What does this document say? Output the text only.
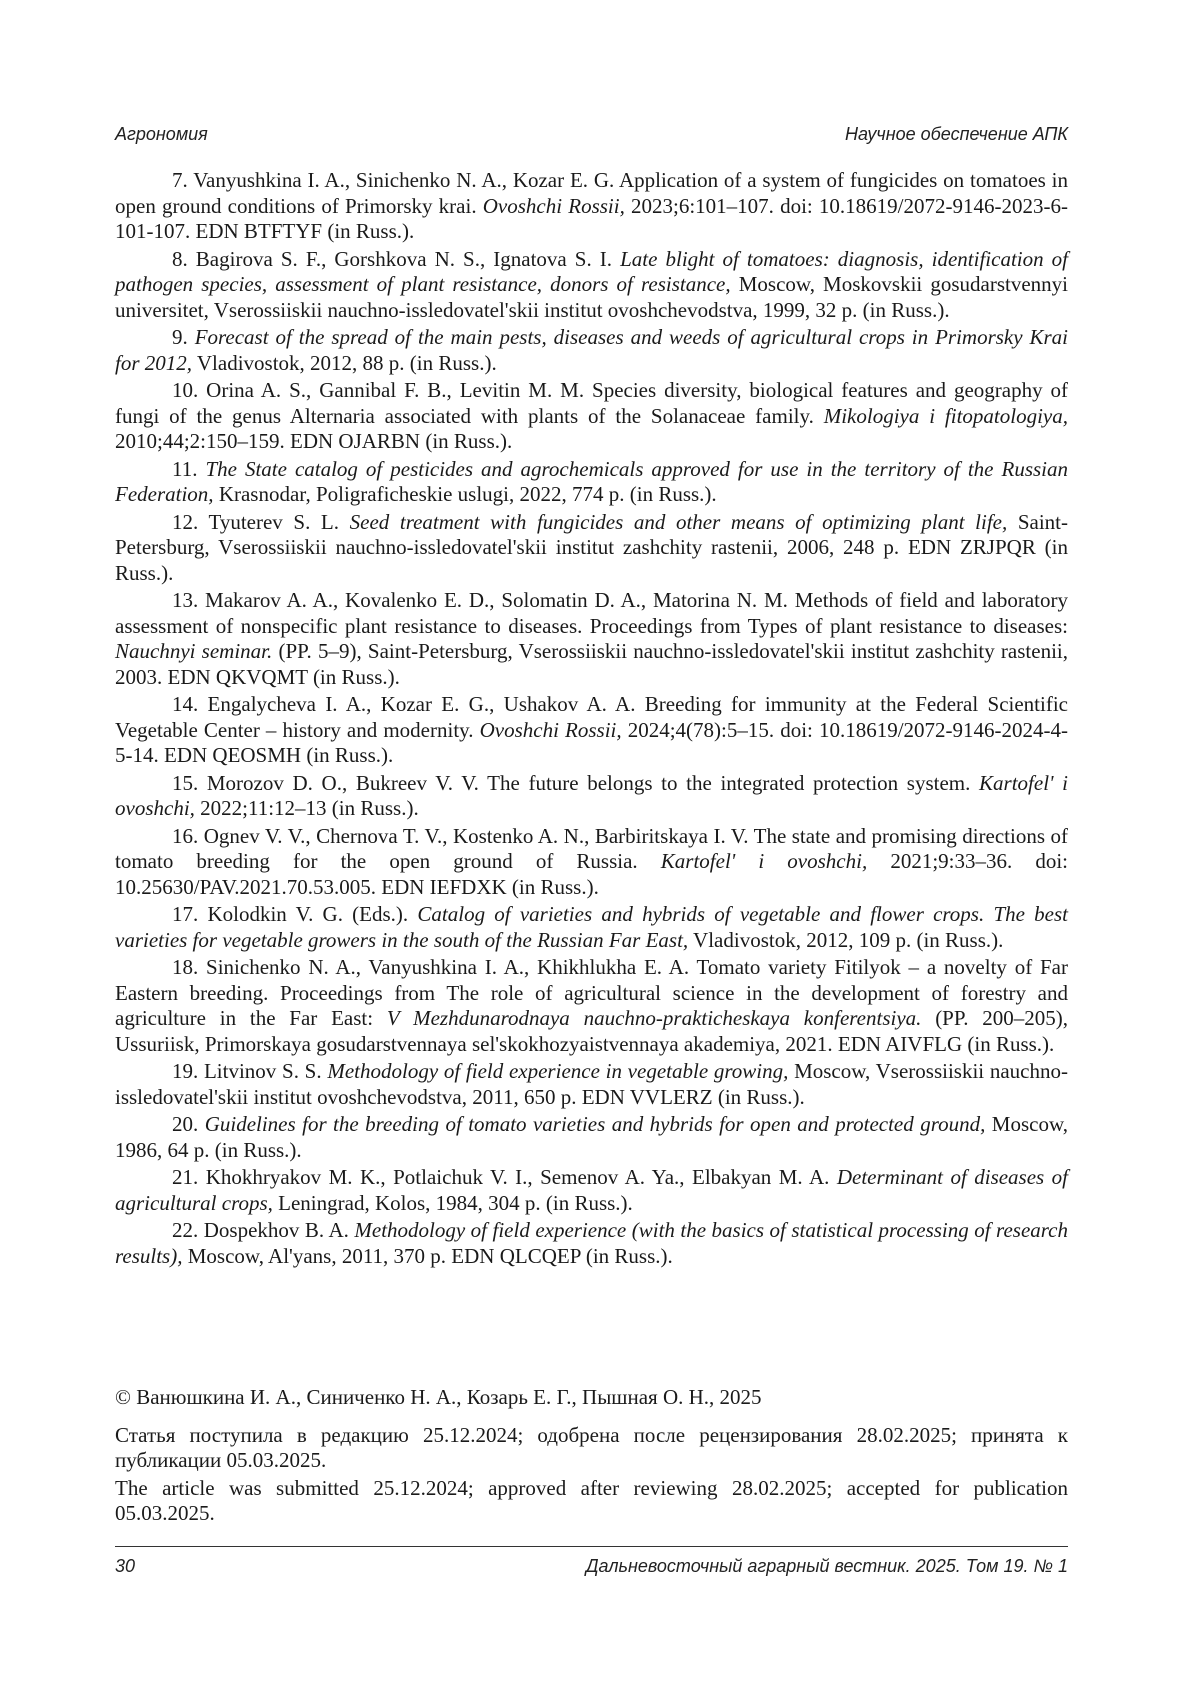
Агрономия	Научное обеспечение АПК

7. Vanyushkina I. A., Sinichenko N. A., Kozar E. G. Application of a system of fungicides on tomatoes in open ground conditions of Primorsky krai. Ovoshchi Rossii, 2023;6:101–107. doi: 10.18619/2072-9146-2023-6-101-107. EDN BTFTYF (in Russ.).

8. Bagirova S. F., Gorshkova N. S., Ignatova S. I. Late blight of tomatoes: diagnosis, identification of pathogen species, assessment of plant resistance, donors of resistance, Moscow, Moskovskii gosudarstvennyi universitet, Vserossiiskii nauchno-issledovatel'skii institut ovoshchevodstva, 1999, 32 p. (in Russ.).

9. Forecast of the spread of the main pests, diseases and weeds of agricultural crops in Primorsky Krai for 2012, Vladivostok, 2012, 88 p. (in Russ.).

10. Orina A. S., Gannibal F. B., Levitin M. M. Species diversity, biological features and geography of fungi of the genus Alternaria associated with plants of the Solanaceae family. Mikologiya i fitopatologiya, 2010;44;2:150–159. EDN OJARBN (in Russ.).

11. The State catalog of pesticides and agrochemicals approved for use in the territory of the Russian Federation, Krasnodar, Poligraficheskie uslugi, 2022, 774 p. (in Russ.).

12. Tyuterev S. L. Seed treatment with fungicides and other means of optimizing plant life, Saint-Petersburg, Vserossiiskii nauchno-issledovatel'skii institut zashchity rastenii, 2006, 248 p. EDN ZRJPQR (in Russ.).

13. Makarov A. A., Kovalenko E. D., Solomatin D. A., Matorina N. M. Methods of field and laboratory assessment of nonspecific plant resistance to diseases. Proceedings from Types of plant resistance to diseases: Nauchnyi seminar. (PP. 5–9), Saint-Petersburg, Vserossiiskii nauchno-issledovatel'skii institut zashchity rastenii, 2003. EDN QKVQMT (in Russ.).

14. Engalycheva I. A., Kozar E. G., Ushakov A. A. Breeding for immunity at the Federal Scientific Vegetable Center – history and modernity. Ovoshchi Rossii, 2024;4(78):5–15. doi: 10.18619/2072-9146-2024-4-5-14. EDN QEOSMH (in Russ.).

15. Morozov D. O., Bukreev V. V. The future belongs to the integrated protection system. Kartofel' i ovoshchi, 2022;11:12–13 (in Russ.).

16. Ognev V. V., Chernova T. V., Kostenko A. N., Barbiritskaya I. V. The state and promising directions of tomato breeding for the open ground of Russia. Kartofel' i ovoshchi, 2021;9:33–36. doi: 10.25630/PAV.2021.70.53.005. EDN IEFDXK (in Russ.).

17. Kolodkin V. G. (Eds.). Catalog of varieties and hybrids of vegetable and flower crops. The best varieties for vegetable growers in the south of the Russian Far East, Vladivostok, 2012, 109 p. (in Russ.).

18. Sinichenko N. A., Vanyushkina I. A., Khikhlukha E. A. Tomato variety Fitilyok – a novelty of Far Eastern breeding. Proceedings from The role of agricultural science in the development of forestry and agriculture in the Far East: V Mezhdunarodnaya nauchno-prakticheskaya konferentsiya. (PP. 200–205), Ussuriisk, Primorskaya gosudarstvennaya sel'skokhozyaistvennaya akademiya, 2021. EDN AIVFLG (in Russ.).

19. Litvinov S. S. Methodology of field experience in vegetable growing, Moscow, Vserossiiskii nauchno-issledovatel'skii institut ovoshchevodstva, 2011, 650 p. EDN VVLERZ (in Russ.).

20. Guidelines for the breeding of tomato varieties and hybrids for open and protected ground, Moscow, 1986, 64 p. (in Russ.).

21. Khokhryakov M. K., Potlaichuk V. I., Semenov A. Ya., Elbakyan M. A. Determinant of diseases of agricultural crops, Leningrad, Kolos, 1984, 304 p. (in Russ.).

22. Dospekhov B. A. Methodology of field experience (with the basics of statistical processing of research results), Moscow, Al'yans, 2011, 370 p. EDN QLCQEP (in Russ.).

© Ванюшкина И. А., Синиченко Н. А., Козарь Е. Г., Пышная О. Н., 2025

Статья поступила в редакцию 25.12.2024; одобрена после рецензирования 28.02.2025; принята к публикации 05.03.2025.

The article was submitted 25.12.2024; approved after reviewing 28.02.2025; accepted for publication 05.03.2025.

30	Дальневосточный аграрный вестник. 2025. Том 19. № 1
